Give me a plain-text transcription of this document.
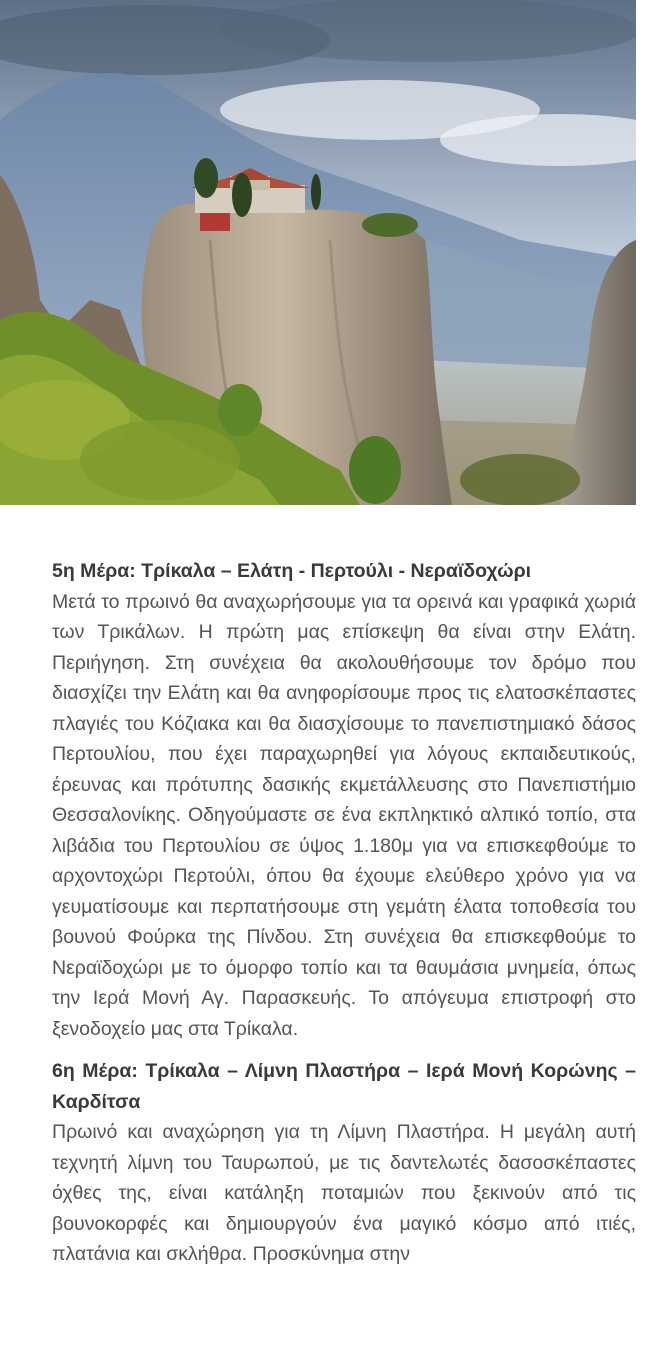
5η Μέρα: Τρίκαλα – Ελάτη - Περτούλι - Νεραϊδοχώρι

Μετά το πρωινό θα αναχωρήσουμε για τα ορεινά και γραφικά χωριά των Τρικάλων. Η πρώτη μας επίσκεψη θα είναι στην Ελάτη. Περιήγηση. Στη συνέχεια θα ακολουθήσουμε τον δρόμο που διασχίζει την Ελάτη και θα ανηφορίσουμε προς τις ελατοσκέπαστες πλαγιές του Κόζιακα και θα διασχίσουμε το πανεπιστημιακό δάσος Περτουλίου, που έχει παραχωρηθεί για λόγους εκπαιδευτικούς, έρευνας και πρότυπης δασικής εκμετάλλευσης στο Πανεπιστήμιο Θεσσαλονίκης. Οδηγούμαστε σε ένα εκπληκτικό αλπικό τοπίο, στα λιβάδια του Περτουλίου σε ύψος 1.180μ για να επισκεφθούμε το αρχοντοχώρι Περτούλι, όπου θα έχουμε ελεύθερο χρόνο για να γευματίσουμε και περπατήσουμε στη γεμάτη έλατα τοποθεσία του βουνού Φούρκα της Πίνδου. Στη συνέχεια θα επισκεφθούμε το Νεραϊδοχώρι με το όμορφο τοπίο και τα θαυμάσια μνημεία, όπως την Ιερά Μονή Αγ. Παρασκευής. Το απόγευμα επιστροφή στο ξενοδοχείο μας στα Τρίκαλα.

6η Μέρα: Τρίκαλα – Λίμνη Πλαστήρα – Ιερά Μονή Κορώνης – Καρδίτσα

Πρωινό και αναχώρηση για τη Λίμνη Πλαστήρα. Η μεγάλη αυτή τεχνητή λίμνη του Ταυρωπού, με τις δαντελωτές δασοσκέπαστες όχθες της, είναι κατάληξη ποταμιών που ξεκινούν από τις βουνοκορφές και δημιουργούν ένα μαγικό κόσμο από ιτιές, πλατάνια και σκλήθρα. Προσκύνημα στην
